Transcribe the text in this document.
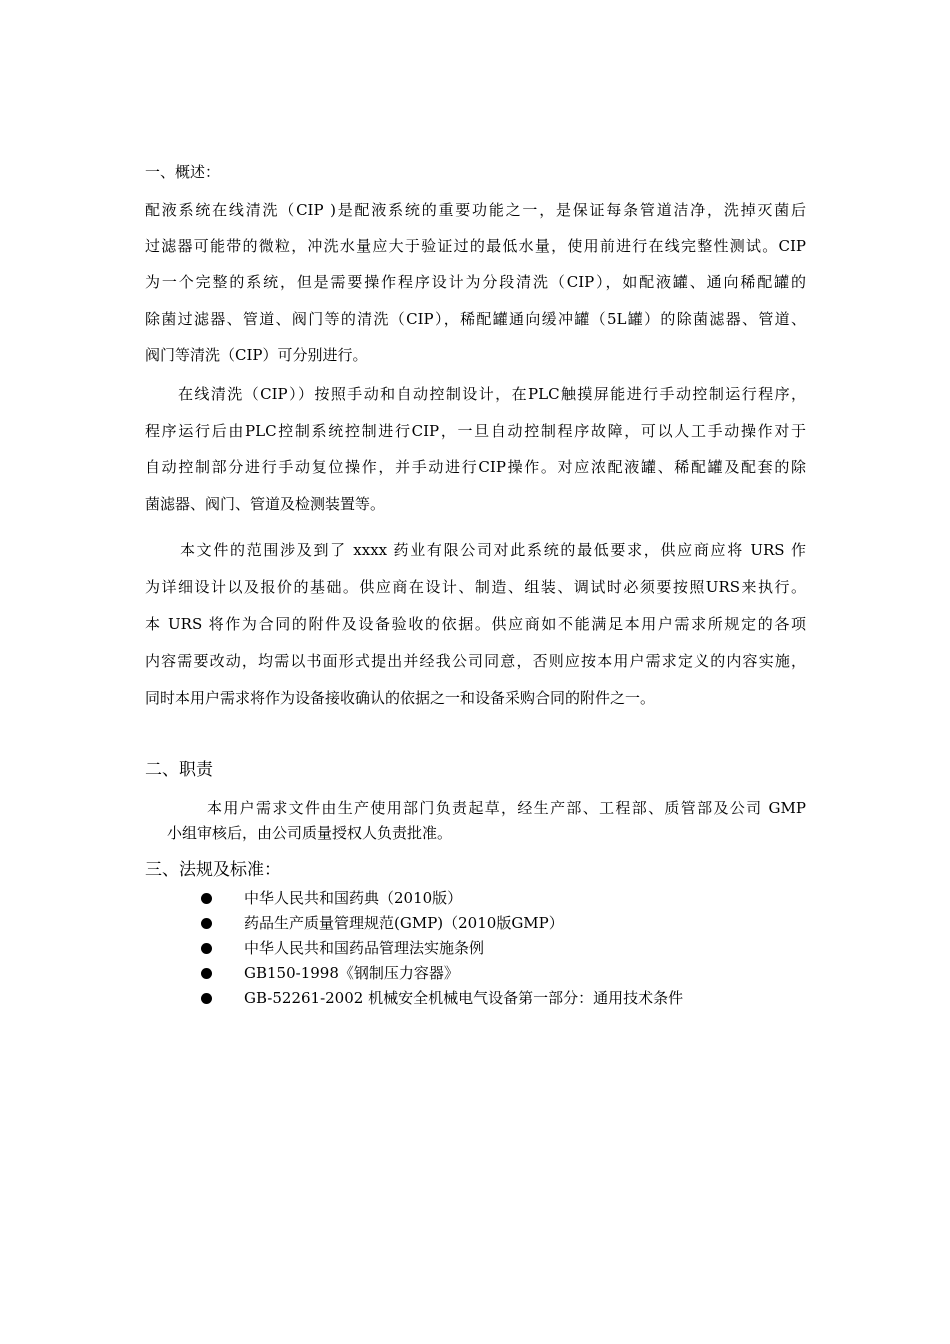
一、概述：
配液系统在线清洗（CIP )是配液系统的重要功能之一，是保证每条管道洁净，洗掉灭菌后
过滤器可能带的微粒，冲洗水量应大于验证过的最低水量，使用前进行在线完整性测试。CIP
为一个完整的系统，但是需要操作程序设计为分段清洗（CIP），如配液罐、通向稀配罐的
除菌过滤器、管道、阀门等的清洗（CIP），稀配罐通向缓冲罐（5L罐）的除菌滤器、管道、
阀门等清洗（CIP）可分别进行。
在线清洗（CIP））按照手动和自动控制设计，在PLC触摸屏能进行手动控制运行程序，
程序运行后由PLC控制系统控制进行CIP，一旦自动控制程序故障，可以人工手动操作对于
自动控制部分进行手动复位操作，并手动进行CIP操作。对应浓配液罐、稀配罐及配套的除
菌滤器、阀门、管道及检测装置等。
本文件的范围涉及到了 xxxx 药业有限公司对此系统的最低要求，供应商应将 URS 作
为详细设计以及报价的基础。供应商在设计、制造、组装、调试时必须要按照URS来执行。
本 URS 将作为合同的附件及设备验收的依据。供应商如不能满足本用户需求所规定的各项
内容需要改动，均需以书面形式提出并经我公司同意，否则应按本用户需求定义的内容实施，
同时本用户需求将作为设备接收确认的依据之一和设备采购合同的附件之一。
二、职责
本用户需求文件由生产使用部门负责起草，经生产部、工程部、质管部及公司 GMP
小组审核后，由公司质量授权人负责批准。
三、法规及标准：
中华人民共和国药典（2010版）
药品生产质量管理规范(GMP)（2010版GMP）
中华人民共和国药品管理法实施条例
GB150-1998《钢制压力容器》
GB-52261-2002 机械安全机械电气设备第一部分：通用技术条件
